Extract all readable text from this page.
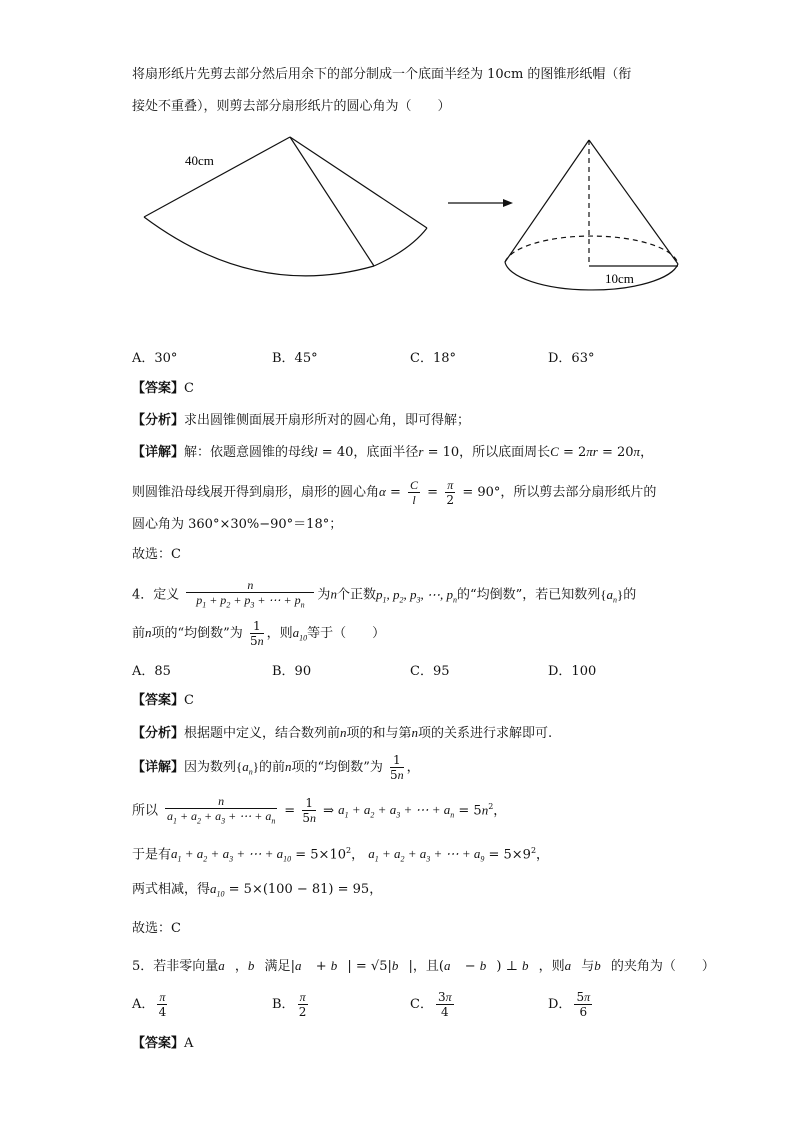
将扇形纸片先剪去部分然后用余下的部分制成一个底面半经为 10cm 的图锥形纸帽（衔
接处不重叠），则剪去部分扇形纸片的圆心角为（　　）
40cm
10cm
A．30°	B．45°	C．18°	D．63°
【答案】C
【分析】求出圆锥侧面展开扇形所对的圆心角，即可得解；
【详解】解：依题意圆锥的母线l = 40，底面半径r = 10，所以底面周长C = 2πr = 20π，
则圆锥沿母线展开得到扇形，扇形的圆心角$\alpha = \frac{C}{l} = \frac{\pi}{2} = 90^\circ$，所以剪去部分扇形纸片的
圆心角为 360°×30%−90°＝18°；
故选：C
4．定义 $\frac{n}{p_1 + p_2 + p_3 + \cdots + p_n}$ 为n个正数$p_1$, $p_2$, $p_3$, ⋯, $p_n$的“均倒数”，若已知数列$\{a_n\}$的
前n项的“均倒数”为 $\frac{1}{5n}$ ，则$a_{10}$等于（　　）
A．85	B．90	C．95	D．100
【答案】C
【分析】根据题中定义，结合数列前n项的和与第n项的关系进行求解即可.
【详解】因为数列$\{a_n\}$的前n项的“均倒数”为 $\frac{1}{5n}$ ，
所以 $\frac{n}{a_1 + a_2 + a_3 + \cdots + a_n} = \frac{1}{5n}$ ⇒ $a_1 + a_2 + a_3$ + ⋯ + $a_n = 5n^2$，
于是有$a_1 + a_2 + a_3$ + ⋯ + $a_{10} = 5\times 10^2$， $a_1 + a_2 + a_3$ + ⋯ + $a_9 = 5\times 9^2$，
两式相减，得$a_{10} = 5\times(100 - 81) = 95$，
故选：C
5．若非零向量a⃗，b⃗满足|a⃗ + b⃗| = √5|b⃗|，且(a⃗ − b⃗) ⊥ b⃗，则a⃗与b⃗的夹角为（　　）
A． $\frac{\pi}{4}$	B． $\frac{\pi}{2}$	C． $\frac{3\pi}{4}$	D． $\frac{5\pi}{6}$
【答案】A
